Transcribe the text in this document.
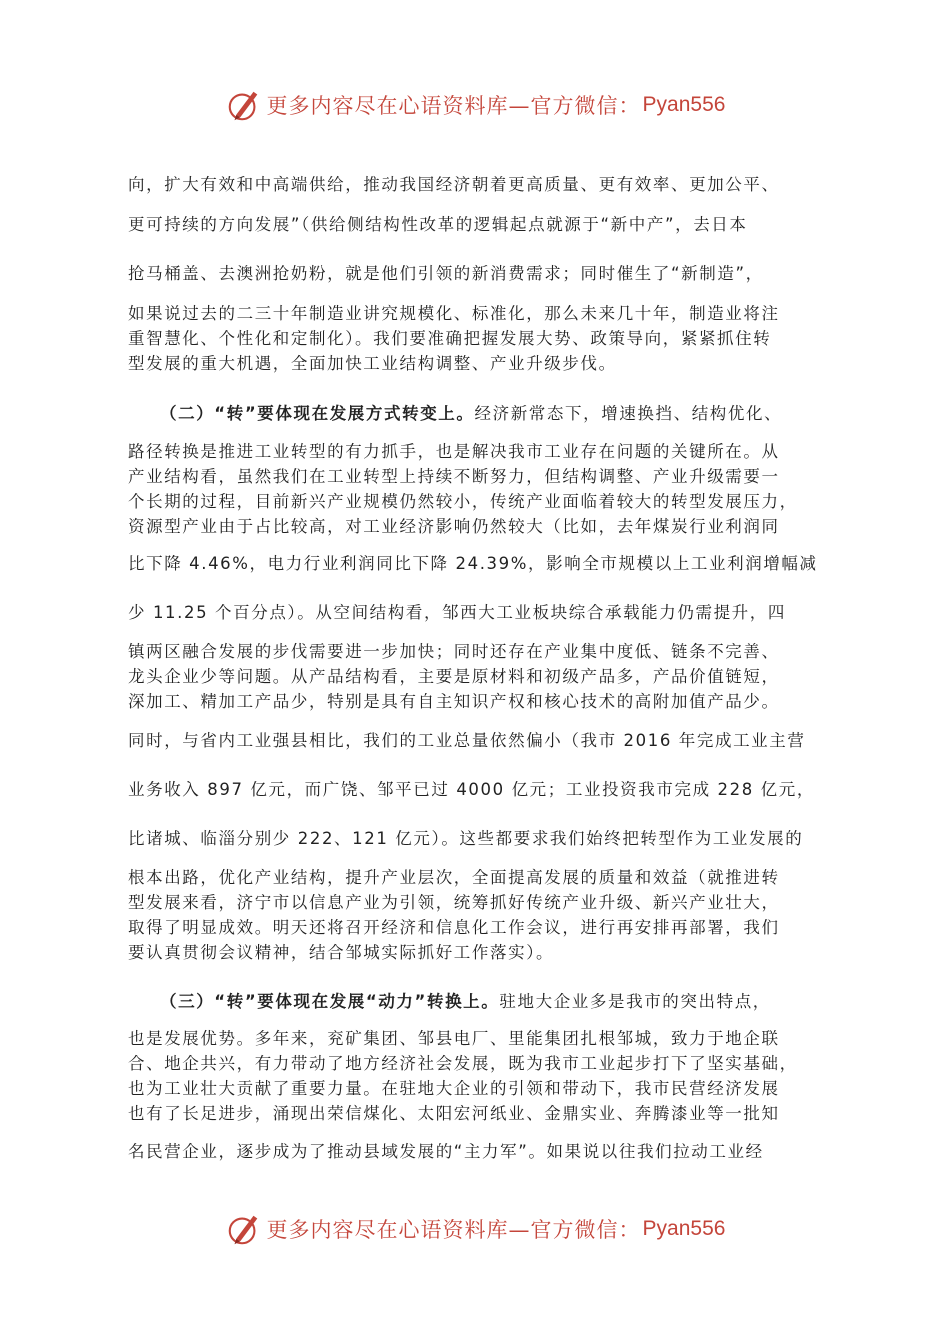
更多内容尽在心语资料库—官方微信： Pyan556
向，扩大有效和中高端供给，推动我国经济朝着更高质量、更有效率、更加公平、
更可持续的方向发展”（供给侧结构性改革的逻辑起点就源于“新中产”，去日本
抢马桶盖、去澳洲抢奶粉，就是他们引领的新消费需求；同时催生了“新制造”，
如果说过去的二三十年制造业讲究规模化、标准化，那么未来几十年，制造业将注
重智慧化、个性化和定制化）。我们要准确把握发展大势、政策导向，紧紧抓住转
型发展的重大机遇，全面加快工业结构调整、产业升级步伐。
（二）“转”要体现在发展方式转变上。经济新常态下，增速换挡、结构优化、
路径转换是推进工业转型的有力抓手，也是解决我市工业存在问题的关键所在。从
产业结构看，虽然我们在工业转型上持续不断努力，但结构调整、产业升级需要一
个长期的过程，目前新兴产业规模仍然较小，传统产业面临着较大的转型发展压力，
资源型产业由于占比较高，对工业经济影响仍然较大（比如，去年煤炭行业利润同
比下降 4.46%，电力行业利润同比下降 24.39%，影响全市规模以上工业利润增幅减
少 11.25 个百分点）。从空间结构看，邹西大工业板块综合承载能力仍需提升，四
镇两区融合发展的步伐需要进一步加快；同时还存在产业集中度低、链条不完善、
龙头企业少等问题。从产品结构看，主要是原材料和初级产品多，产品价值链短，
深加工、精加工产品少，特别是具有自主知识产权和核心技术的高附加值产品少。
同时，与省内工业强县相比，我们的工业总量依然偏小（我市 2016 年完成工业主营
业务收入 897 亿元，而广饶、邹平已过 4000 亿元；工业投资我市完成 228 亿元，
比诸城、临淄分别少 222、121 亿元）。这些都要求我们始终把转型作为工业发展的
根本出路，优化产业结构，提升产业层次，全面提高发展的质量和效益（就推进转
型发展来看，济宁市以信息产业为引领，统筹抓好传统产业升级、新兴产业壮大，
取得了明显成效。明天还将召开经济和信息化工作会议，进行再安排再部署，我们
要认真贯彻会议精神，结合邹城实际抓好工作落实）。
（三）“转”要体现在发展“动力”转换上。驻地大企业多是我市的突出特点，
也是发展优势。多年来，兖矿集团、邹县电厂、里能集团扎根邹城，致力于地企联
合、地企共兴，有力带动了地方经济社会发展，既为我市工业起步打下了坚实基础，
也为工业壮大贡献了重要力量。在驻地大企业的引领和带动下，我市民营经济发展
也有了长足进步，涌现出荣信煤化、太阳宏河纸业、金鼎实业、奔腾漆业等一批知
名民营企业，逐步成为了推动县域发展的“主力军”。如果说以往我们拉动工业经
更多内容尽在心语资料库—官方微信： Pyan556
